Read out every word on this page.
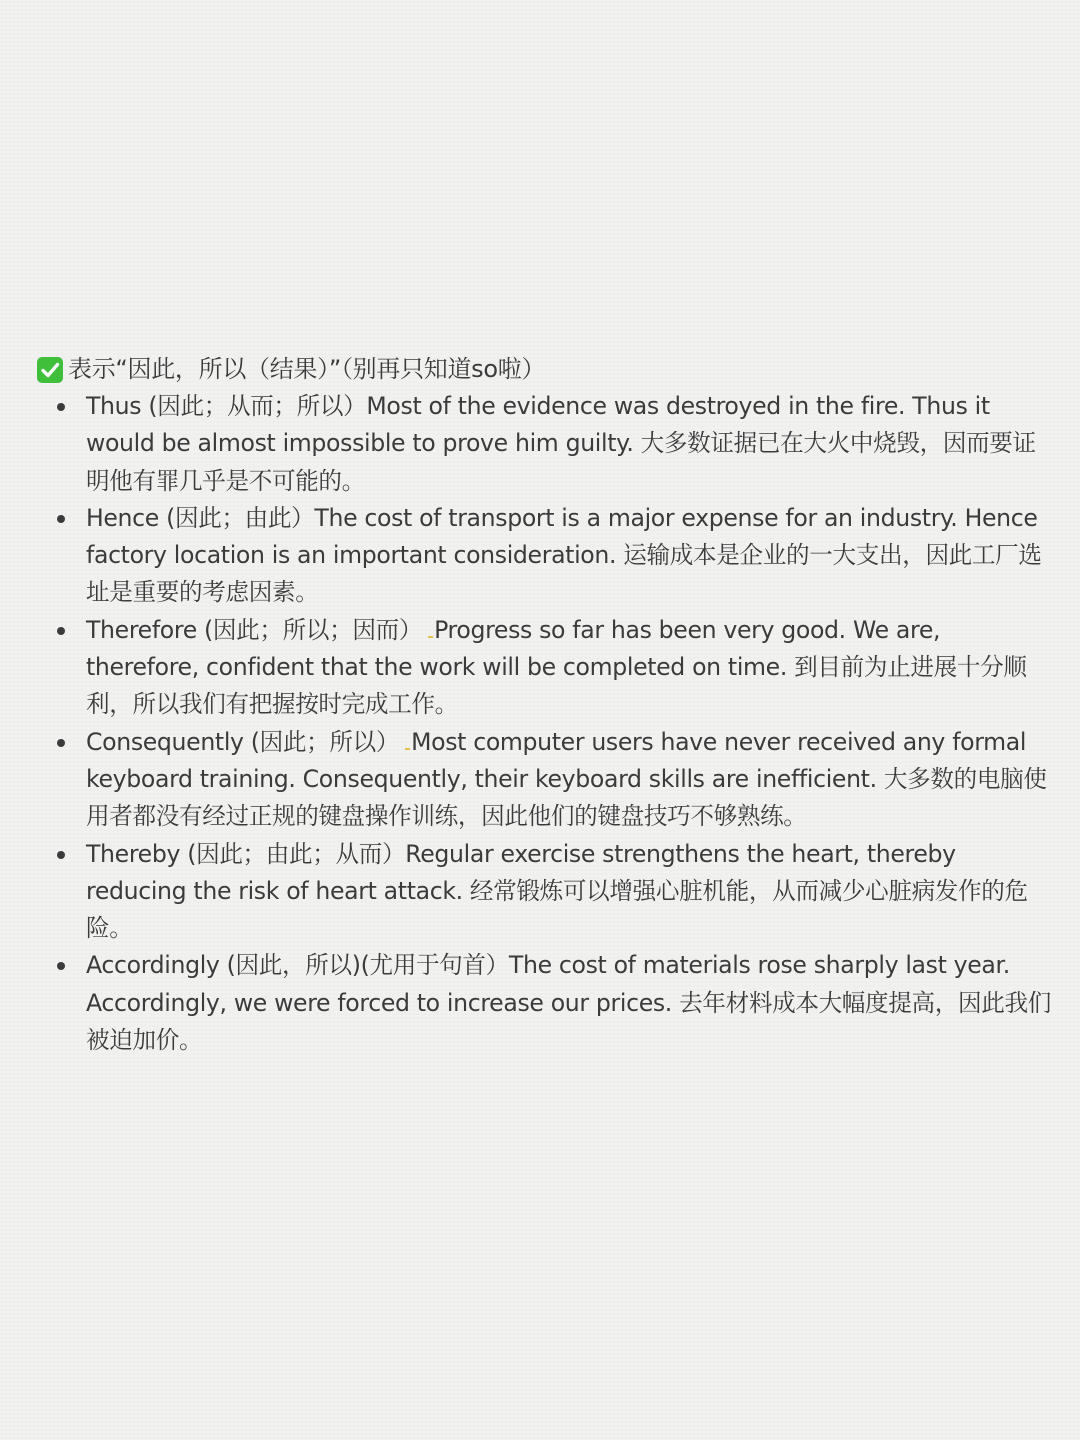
表示“因此，所以（结果）”（别再只知道so啦）
Thus (因此；从而；所以）Most of the evidence was destroyed in the fire. Thus it would be almost impossible to prove him guilty. 大多数证据已在大火中烧毁，因而要证明他有罪几乎是不可能的。
Hence (因此；由此）The cost of transport is a major expense for an industry. Hence factory location is an important consideration. 运输成本是企业的一大支出，因此工厂选址是重要的考虑因素。
Therefore (因此；所以；因而） Progress so far has been very good. We are, therefore, confident that the work will be completed on time. 到目前为止进展十分顺利，所以我们有把握按时完成工作。
Consequently (因此；所以） Most computer users have never received any formal keyboard training. Consequently, their keyboard skills are inefficient. 大多数的电脑使用者都没有经过正规的键盘操作训练，因此他们的键盘技巧不够熟练。
Thereby (因此；由此；从而）Regular exercise strengthens the heart, thereby reducing the risk of heart attack. 经常锻炼可以增强心脏机能，从而减少心脏病发作的危险。
Accordingly (因此，所以)(尤用于句首）The cost of materials rose sharply last year. Accordingly, we were forced to increase our prices. 去年材料成本大幅度提高，因此我们被迫加价。
